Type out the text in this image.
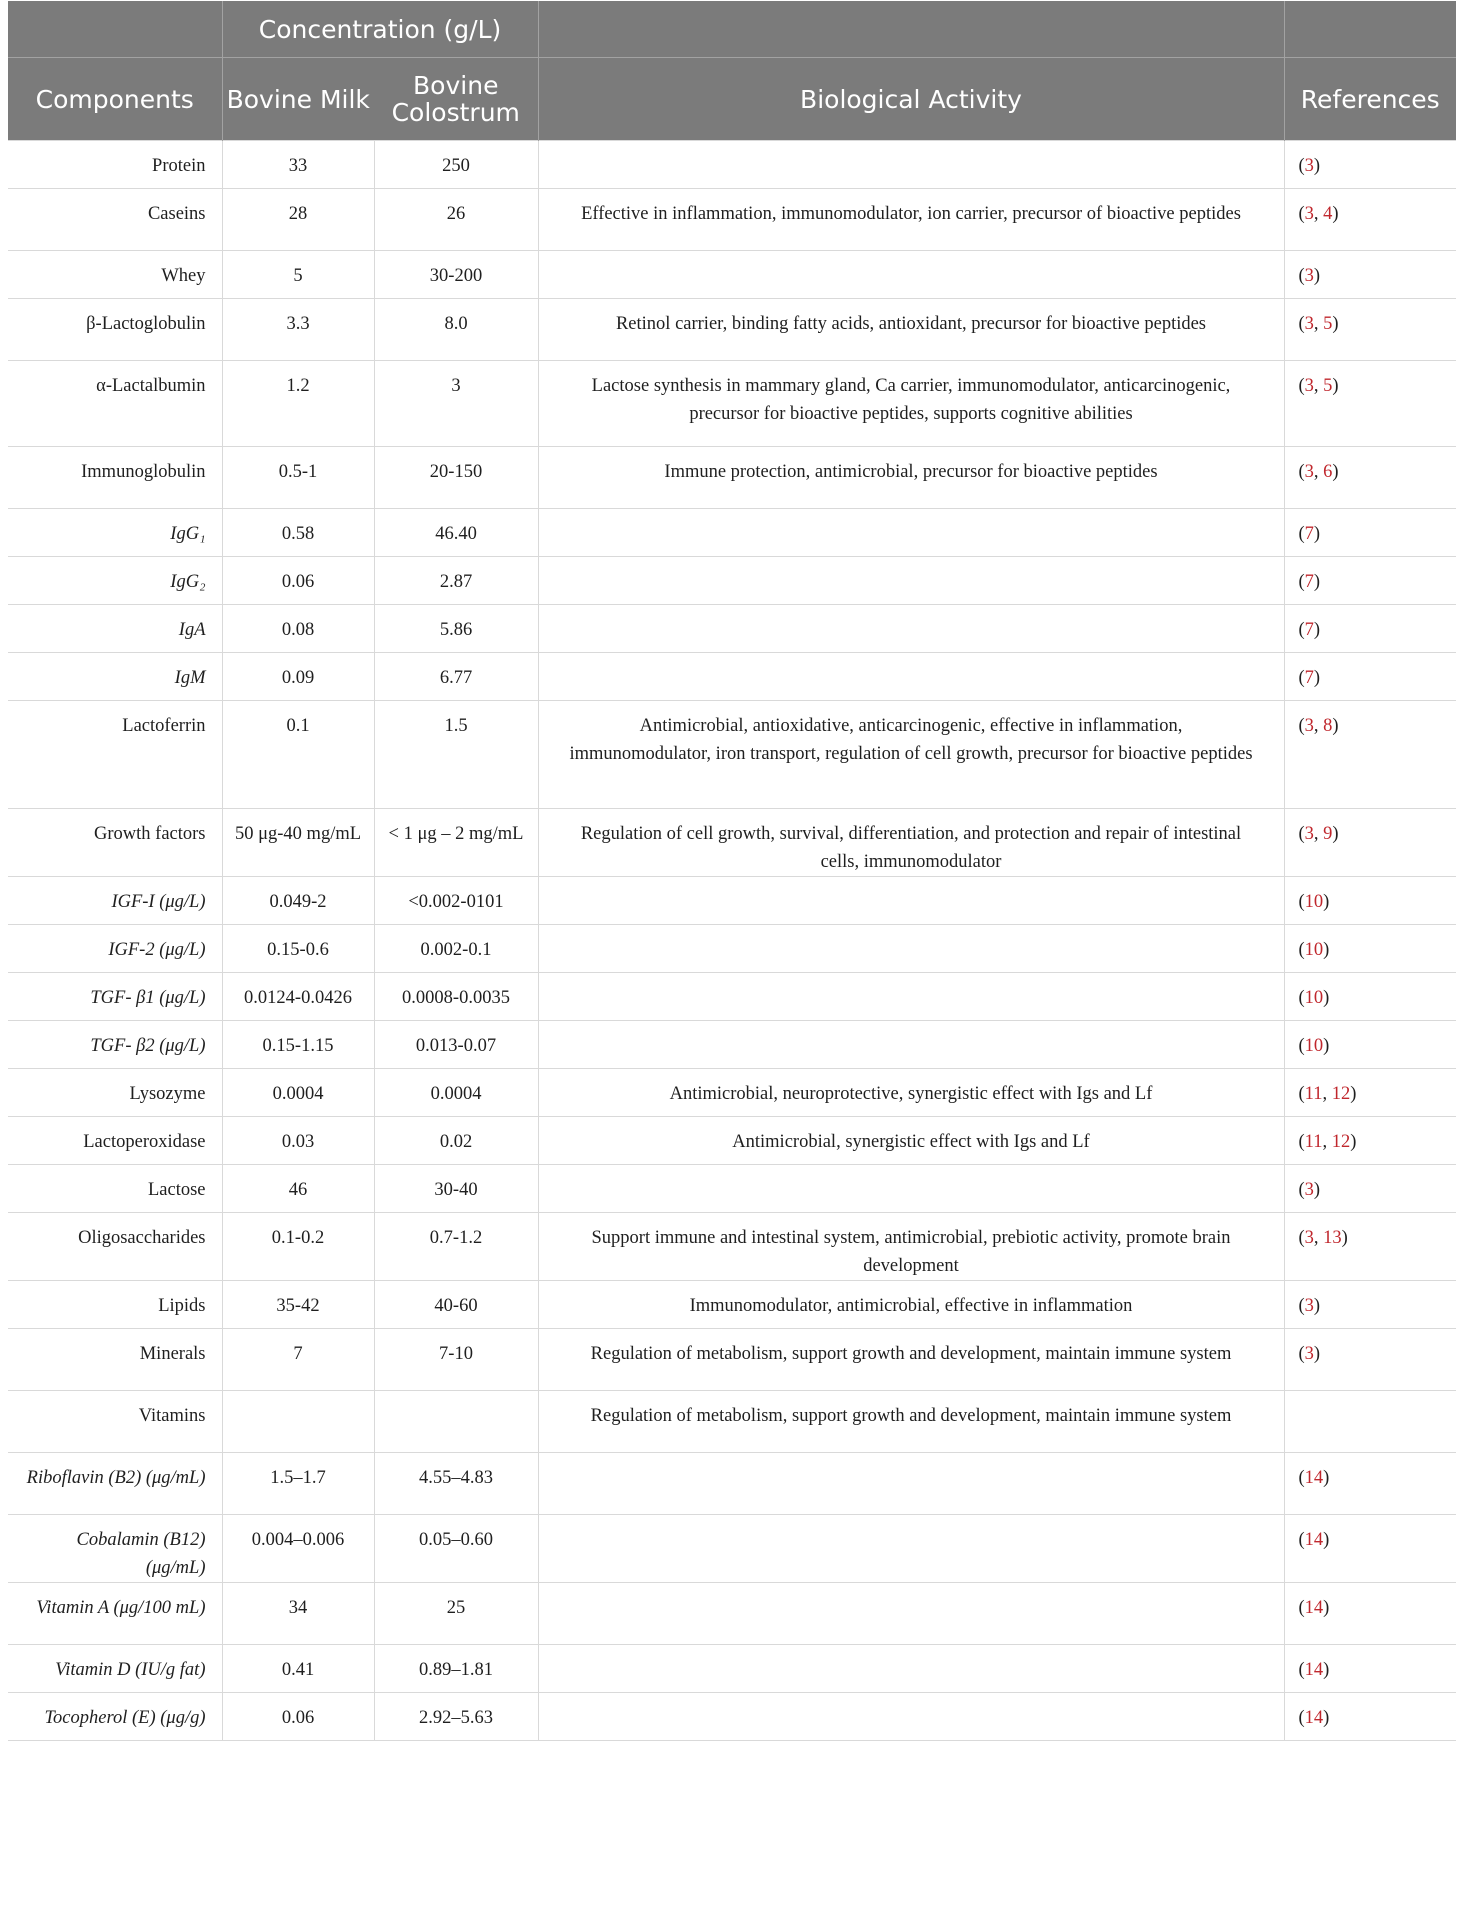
	Concentration (g/L)			
Components	Bovine Milk	Bovine Colostrum	Biological Activity	References
Protein	33	250		(3)
Caseins	28	26	Effective in inflammation, immunomodulator, ion carrier, precursor of bioactive peptides	(3, 4)
Whey	5	30-200		(3)
β-Lactoglobulin	3.3	8.0	Retinol carrier, binding fatty acids, antioxidant, precursor for bioactive peptides	(3, 5)
α-Lactalbumin	1.2	3	Lactose synthesis in mammary gland, Ca carrier, immunomodulator, anticarcinogenic, precursor for bioactive peptides, supports cognitive abilities	(3, 5)
Immunoglobulin	0.5-1	20-150	Immune protection, antimicrobial, precursor for bioactive peptides	(3, 6)
IgG₁	0.58	46.40		(7)
IgG₂	0.06	2.87		(7)
IgA	0.08	5.86		(7)
IgM	0.09	6.77		(7)
Lactoferrin	0.1	1.5	Antimicrobial, antioxidative, anticarcinogenic, effective in inflammation, immunomodulator, iron transport, regulation of cell growth, precursor for bioactive peptides	(3, 8)
Growth factors	50 μg-40 mg/mL	< 1 μg – 2 mg/mL	Regulation of cell growth, survival, differentiation, and protection and repair of intestinal cells, immunomodulator	(3, 9)
IGF-I (μg/L)	0.049-2	<0.002-0101		(10)
IGF-2 (μg/L)	0.15-0.6	0.002-0.1		(10)
TGF- β1 (μg/L)	0.0124-0.0426	0.0008-0.0035		(10)
TGF- β2 (μg/L)	0.15-1.15	0.013-0.07		(10)
Lysozyme	0.0004	0.0004	Antimicrobial, neuroprotective, synergistic effect with Igs and Lf	(11, 12)
Lactoperoxidase	0.03	0.02	Antimicrobial, synergistic effect with Igs and Lf	(11, 12)
Lactose	46	30-40		(3)
Oligosaccharides	0.1-0.2	0.7-1.2	Support immune and intestinal system, antimicrobial, prebiotic activity, promote brain development	(3, 13)
Lipids	35-42	40-60	Immunomodulator, antimicrobial, effective in inflammation	(3)
Minerals	7	7-10	Regulation of metabolism, support growth and development, maintain immune system	(3)
Vitamins			Regulation of metabolism, support growth and development, maintain immune system	
Riboflavin (B2) (μg/mL)	1.5–1.7	4.55–4.83		(14)
Cobalamin (B12) (μg/mL)	0.004–0.006	0.05–0.60		(14)
Vitamin A (μg/100 mL)	34	25		(14)
Vitamin D (IU/g fat)	0.41	0.89–1.81		(14)
Tocopherol (E) (μg/g)	0.06	2.92–5.63		(14)
